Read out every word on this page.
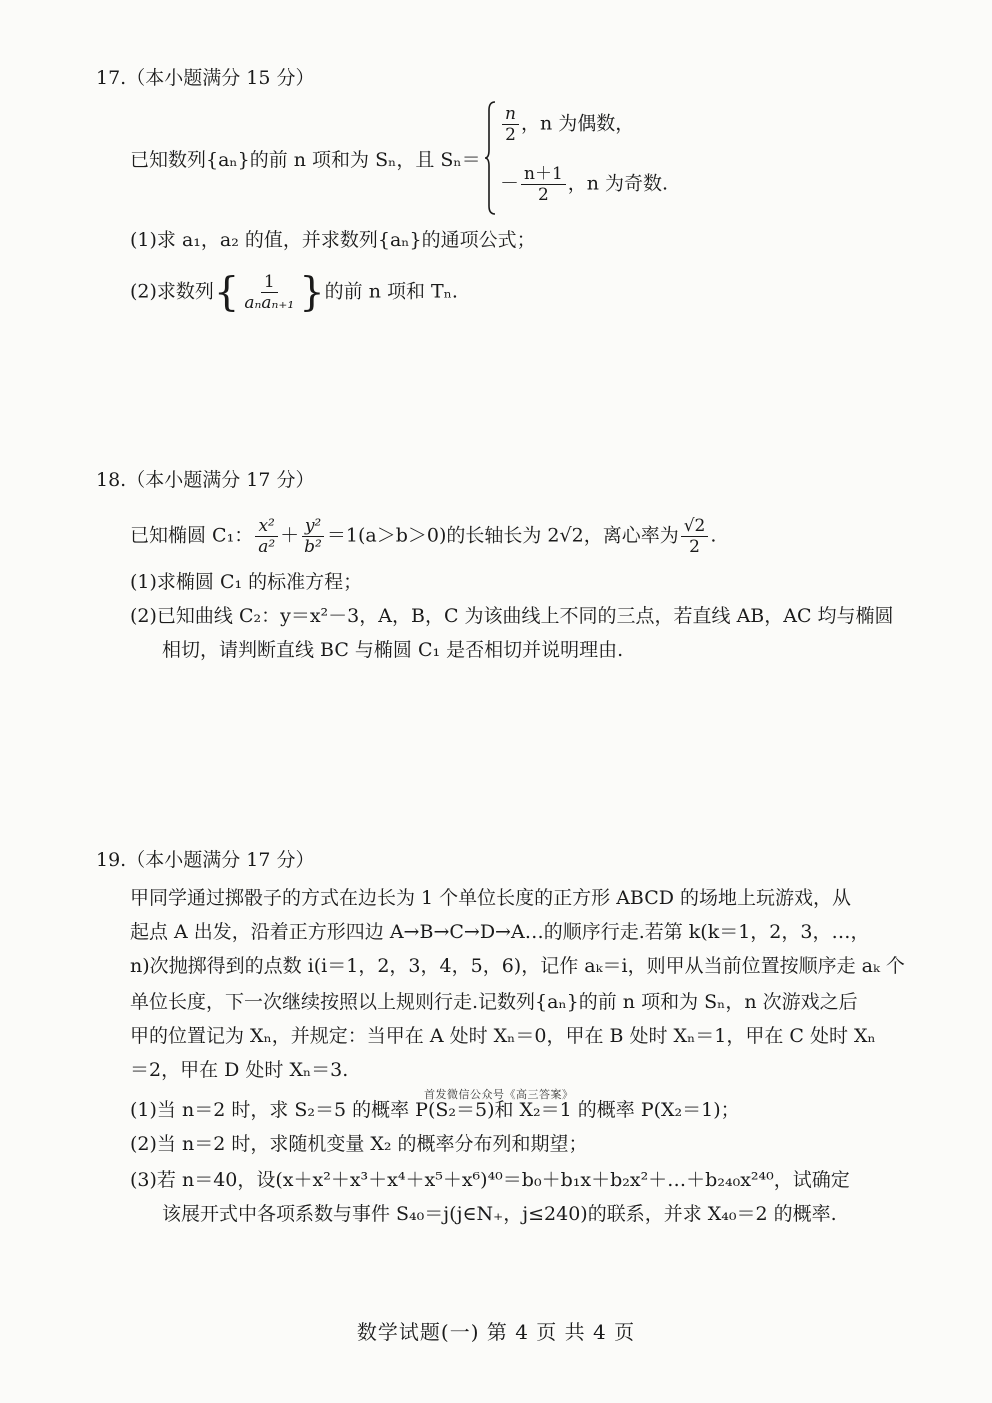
17.（本小题满分 15 分）
已知数列{aₙ}的前 n 项和为 Sₙ，且 Sₙ＝
$\frac{n}{2}$ ，n 为偶数，
－ $\frac{n+1}{2}$ ，n 为奇数.
(1)求 a₁，a₂ 的值，并求数列{aₙ}的通项公式；
(2)求数列{ $\frac{1}{\text{aₙaₙ₊₁}}$ }的前 n 项和 Tₙ.
18.（本小题满分 17 分）
已知椭圆 C₁： $\frac{\text{x²}}{\text{a²}} + \frac{\text{y²}}{\text{b²}} =1(a>b>0)$的长轴长为 2√2，离心率为 $\frac{√2}{2}$ .
(1)求椭圆 C₁ 的标准方程；
(2)已知曲线 C₂：y＝x²－3，A，B，C 为该曲线上不同的三点，若直线 AB，AC 均与椭圆
相切，请判断直线 BC 与椭圆 C₁ 是否相切并说明理由.
19.（本小题满分 17 分）
甲同学通过掷骰子的方式在边长为 1 个单位长度的正方形 ABCD 的场地上玩游戏，从
起点 A 出发，沿着正方形四边 A→B→C→D→A…的顺序行走.若第 k(k＝1，2，3，…，
n)次抛掷得到的点数 i(i＝1，2，3，4，5，6)，记作 aₖ＝i，则甲从当前位置按顺序走 aₖ 个
单位长度，下一次继续按照以上规则行走.记数列{aₙ}的前 n 项和为 Sₙ，n 次游戏之后
甲的位置记为 Xₙ，并规定：当甲在 A 处时 Xₙ＝0，甲在 B 处时 Xₙ＝1，甲在 C 处时 Xₙ
＝2，甲在 D 处时 Xₙ＝3.
首发微信公众号《高三答案》
(1)当 n＝2 时，求 S₂＝5 的概率 P(S₂＝5)和 X₂＝1 的概率 P(X₂＝1)；
(2)当 n＝2 时，求随机变量 X₂ 的概率分布列和期望；
(3)若 n＝40，设(x＋x²＋x³＋x⁴＋x⁵＋x⁶)⁴⁰＝b₀＋b₁x＋b₂x²＋…＋b₂₄₀x²⁴⁰，试确定
该展开式中各项系数与事件 S₄₀＝j(j∈N₊，j≤240)的联系，并求 X₄₀＝2 的概率.
数学试题(一) 第 4 页 共 4 页
